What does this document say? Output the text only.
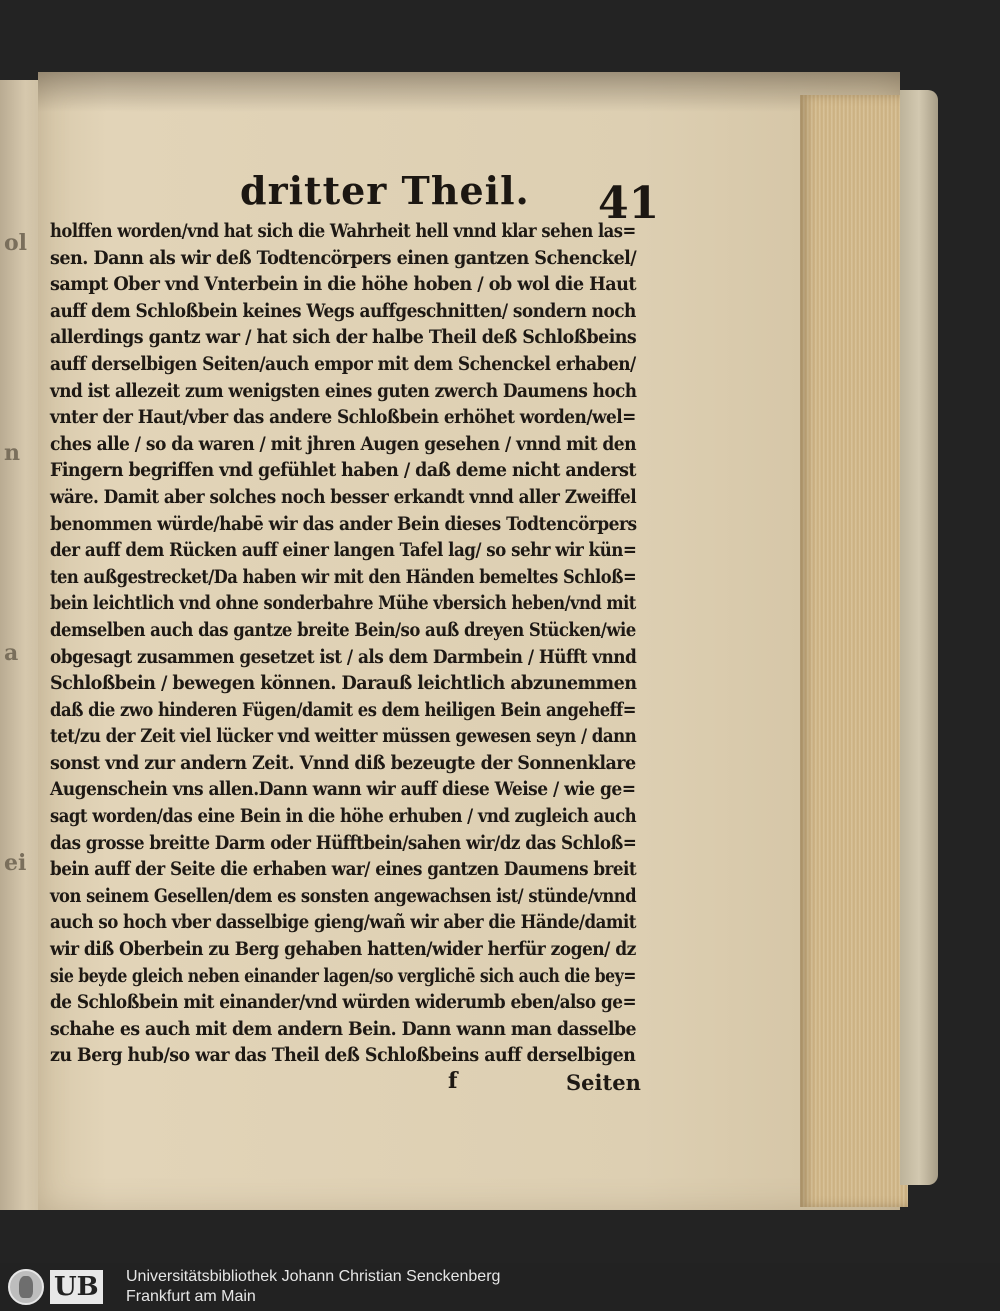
ol
n
a
ei
dritter Theil. 41
holffen worden/vnd hat sich die Wahrheit hell vnnd klar sehen las=
sen. Dann als wir deß Todtencörpers einen gantzen Schenckel/
sampt Ober vnd Vnterbein in die höhe hoben / ob wol die Haut
auff dem Schloßbein keines Wegs auffgeschnitten/ sondern noch
allerdings gantz war / hat sich der halbe Theil deß Schloßbeins
auff derselbigen Seiten/auch empor mit dem Schenckel erhaben/
vnd ist allezeit zum wenigsten eines guten zwerch Daumens hoch
vnter der Haut/vber das andere Schloßbein erhöhet worden/wel=
ches alle / so da waren / mit jhren Augen gesehen / vnnd mit den
Fingern begriffen vnd gefühlet haben / daß deme nicht anderst
wäre. Damit aber solches noch besser erkandt vnnd aller Zweiffel
benommen würde/habē wir das ander Bein dieses Todtencörpers
der auff dem Rücken auff einer langen Tafel lag/ so sehr wir kün=
ten außgestrecket/Da haben wir mit den Händen bemeltes Schloß=
bein leichtlich vnd ohne sonderbahre Mühe vbersich heben/vnd mit
demselben auch das gantze breite Bein/so auß dreyen Stücken/wie
obgesagt zusammen gesetzet ist / als dem Darmbein / Hüfft vnnd
Schloßbein / bewegen können. Darauß leichtlich abzunemmen
daß die zwo hinderen Fügen/damit es dem heiligen Bein angeheff=
tet/zu der Zeit viel lücker vnd weitter müssen gewesen seyn / dann
sonst vnd zur andern Zeit. Vnnd diß bezeugte der Sonnenklare
Augenschein vns allen.Dann wann wir auff diese Weise / wie ge=
sagt worden/das eine Bein in die höhe erhuben / vnd zugleich auch
das grosse breitte Darm oder Hüfftbein/sahen wir/dz das Schloß=
bein auff der Seite die erhaben war/ eines gantzen Daumens breit
von seinem Gesellen/dem es sonsten angewachsen ist/ stünde/vnnd
auch so hoch vber dasselbige gieng/wañ wir aber die Hände/damit
wir diß Oberbein zu Berg gehaben hatten/wider herfür zogen/ dz
sie beyde gleich neben einander lagen/so verglichē sich auch die bey=
de Schloßbein mit einander/vnd würden widerumb eben/also ge=
schahe es auch mit dem andern Bein. Dann wann man dasselbe
zu Berg hub/so war das Theil deß Schloßbeins auff derselbigen
f	Seiten
UB Universitätsbibliothek Johann Christian Senckenberg
Frankfurt am Main
